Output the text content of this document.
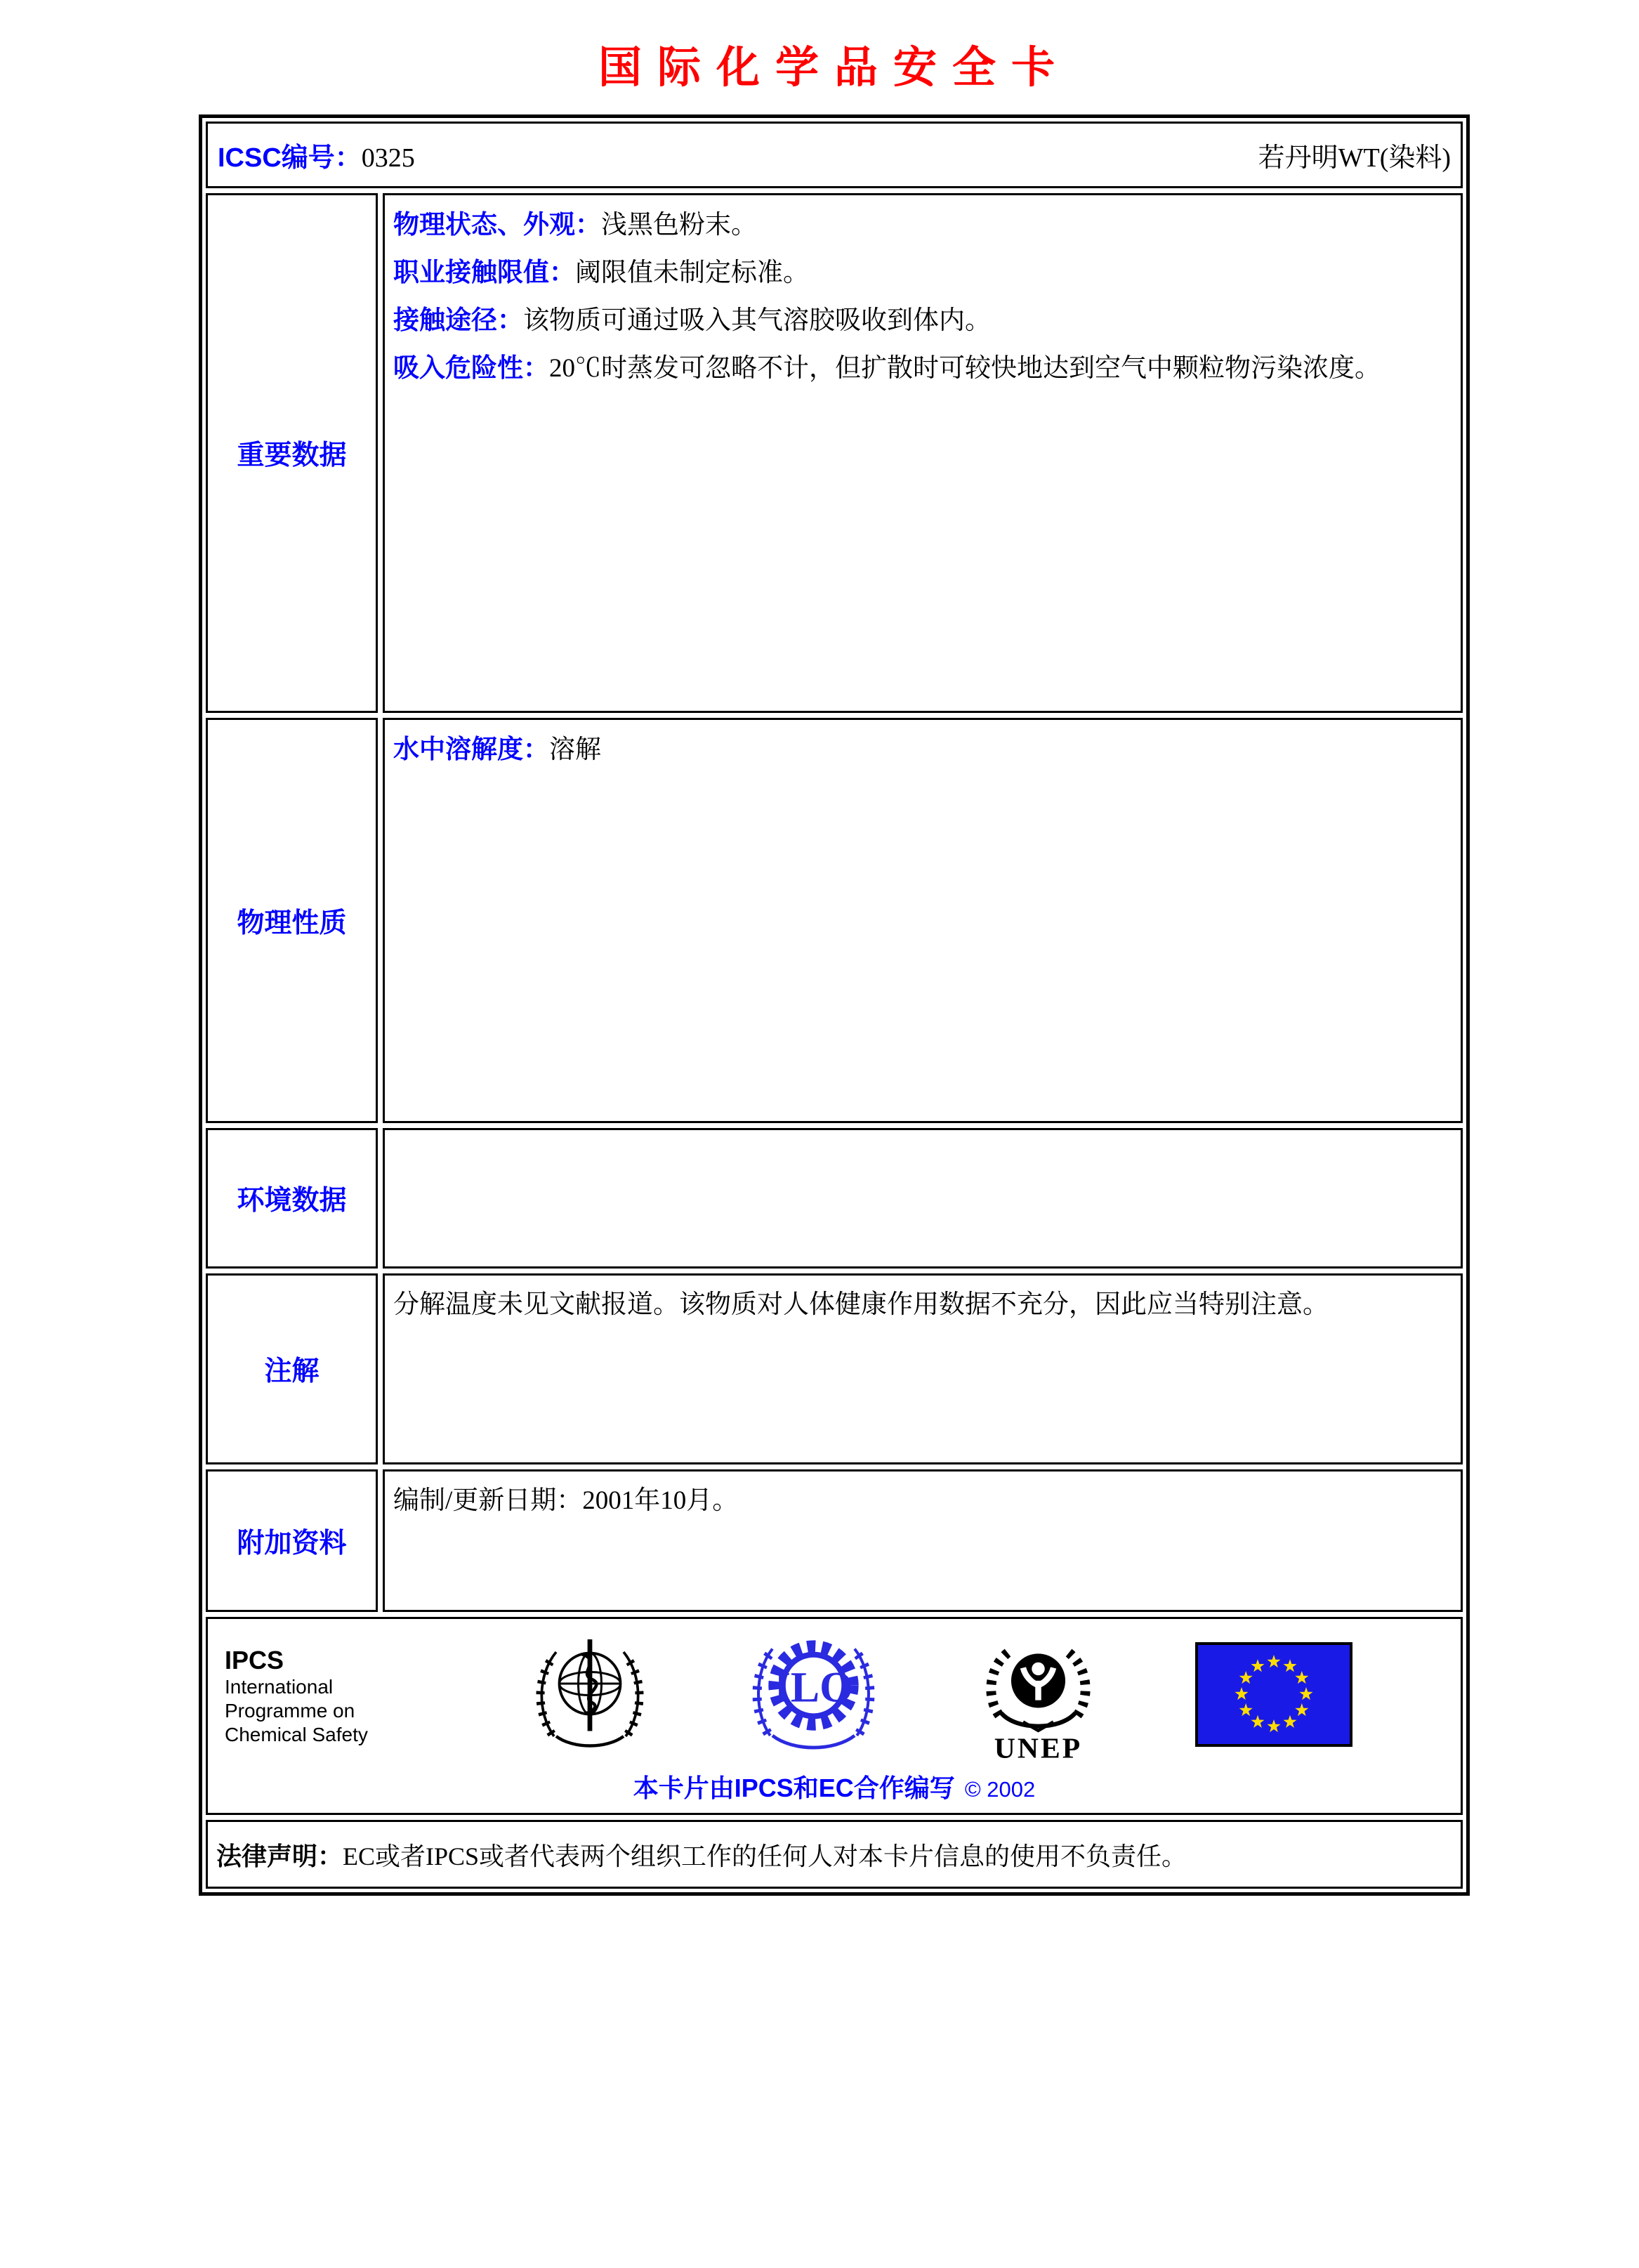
国际化学品安全卡
ICSC编号：0325	若丹明WT(染料)
重要数据
物理状态、外观：浅黑色粉末。
职业接触限值：阈限值未制定标准。
接触途径：该物质可通过吸入其气溶胶吸收到体内。
吸入危险性：20℃时蒸发可忽略不计，但扩散时可较快地达到空气中颗粒物污染浓度。
物理性质
水中溶解度：溶解
环境数据
注解
分解温度未见文献报道。该物质对人体健康作用数据不充分，因此应当特别注意。
附加资料
编制/更新日期：2001年10月。
IPCS
International
Programme on
Chemical Safety
ILO
UNEP
本卡片由IPCS和EC合作编写 © 2002
法律声明： EC或者IPCS或者代表两个组织工作的任何人对本卡片信息的使用不负责任。
